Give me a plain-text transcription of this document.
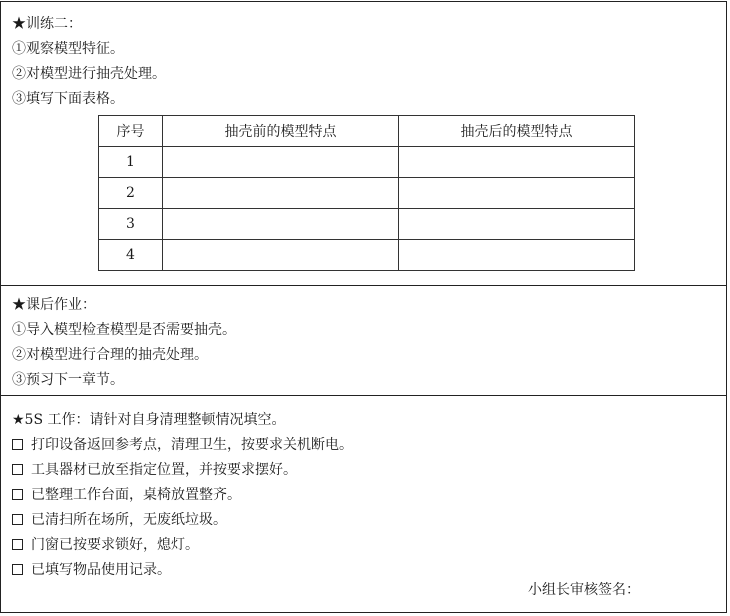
★训练二：
①观察模型特征。
②对模型进行抽壳处理。
③填写下面表格。
序号	抽壳前的模型特点	抽壳后的模型特点
1		
2		
3		
4		
★课后作业：
①导入模型检查模型是否需要抽壳。
②对模型进行合理的抽壳处理。
③预习下一章节。
★5S 工作：请针对自身清理整顿情况填空。
打印设备返回参考点，清理卫生，按要求关机断电。
工具器材已放至指定位置，并按要求摆好。
已整理工作台面，桌椅放置整齐。
已清扫所在场所，无废纸垃圾。
门窗已按要求锁好，熄灯。
已填写物品使用记录。
小组长审核签名：
